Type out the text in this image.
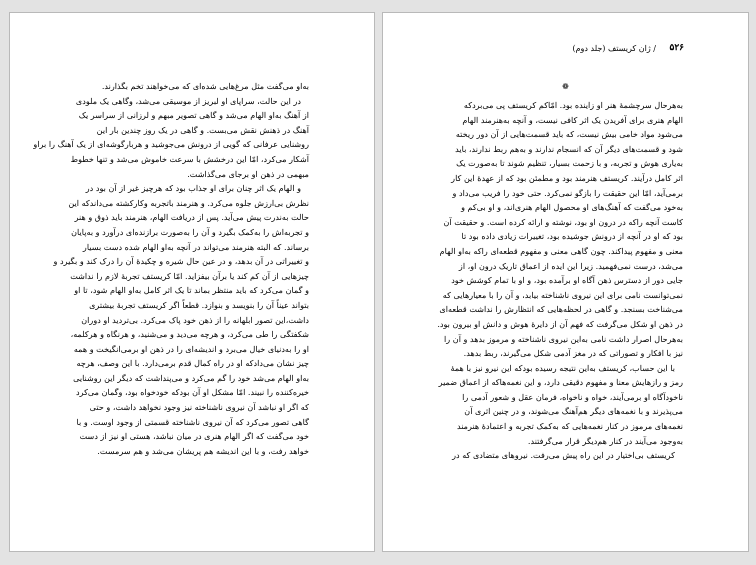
به‌او می‌گفت مثل مرغ‌هایی شده‌ای که می‌خواهند تخم بگذارند.
در این حالت، سراپای او لبریز از موسیقی می‌شد، وگاهی یک ملودی
از آهنگ به‌او الهام می‌شد و گاهی تصویر مبهم و لرزانی از سراسر یک
آهنگ در ذهنش نقش می‌بست. و گاهی در یک روز چندین بار این
روشنایی عرفانی که گویی از درونش می‌جوشید و هربارگوشه‌ای از یک آهنگ را براو
آشکار می‌کرد، امّا این درخشش با سرعت خاموش می‌شد و تنها خطوط
مبهمی در ذهن او برجای می‌گذاشت.
و الهام یک اثر چنان برای او جذاب بود که هرچیز غیر از آن بود در
نظرش بی‌ارزش جلوه می‌کرد. و هنرمند باتجربه وکارکشته می‌داندکه این
حالت به‌ندرت پیش می‌آید. پس از دریافت الهام، هنرمند باید ذوق و هنر
و تجربه‌اش را به‌کمک بگیرد و آن را به‌صورت برازنده‌ای درآورد و به‌پایان
برساند. که البته هنرمند می‌تواند در آنچه به‌او الهام شده دست بسیار
و تغییراتی در آن بدهد، و در عین حال شیره و چکیدهٔ آن را درک کند و بگیرد و
چیزهایی از آن کم کند یا برآن بیفزاید. امّا کریستف تجربهٔ لازم را نداشت
و گمان می‌کرد که باید منتظر بماند تا یک اثر کامل به‌او الهام شود، تا او
بتواند عیناً آن را بنویسد و بنوازد. قطعاً اگر کریستف تجربهٔ بیشتری
داشت،این تصور ابلهانه را از ذهن خود پاک می‌کرد. بی‌تردید او دوران
شکفتگی را طی می‌کرد، و هرچه می‌دید و می‌شنید، و هرنگاه و هرکلمه،
او را به‌دنیای خیال می‌برد و اندیشه‌ای را در ذهن او برمی‌انگیخت و همه
چیز نشان می‌دادکه او در راه کمال قدم برمی‌دارد. با این وصف، هرچه
به‌او الهام می‌شد خود را گم می‌کرد و می‌پنداشت که دیگر این روشنایی
خیره‌کننده را نبیند. امّا مشکل او آن بودکه خودخواه بود، وگمان می‌کرد
که اگر او نباشد آن نیروی ناشناخته نیز وجود نخواهد داشت، و حتی
گاهی تصور می‌کرد که آن نیروی ناشناخته قسمتی از وجود اوست. و با
خود می‌گفت که اگر الهام هنری در میان نباشد، هستی او نیز از دست
خواهد رفت، و با این اندیشه هم پریشان می‌شد و هم سرمست.
۵۲۶
/ ژان کریستف (جلد دوم)
❁
به‌هرحال سرچشمهٔ هنر او زاینده بود. امّاکم کریستف پی می‌بردکه
الهام هنری برای آفریدن یک اثر کافی نیست، و آنچه به‌هنرمند الهام
می‌شود مواد خامی بیش نیست، که باید قسمت‌هایی از آن دور ریخته
شود و قسمت‌های دیگر آن که انسجام ندارند و به‌هم ربط ندارند، باید
به‌یاری هوش و تجربه، و با زحمت بسیار، تنظیم شوند تا به‌صورت یک
اثر کامل درآیند. کریستف هنرمند بود و مطمئن بود که از عهدهٔ این کار
برمی‌آید، امّا این حقیقت را بازگو نمی‌کرد. حتی خود را فریب می‌داد و
به‌خود می‌گفت که آهنگ‌های او محصول الهام هنری‌اند، و او بی‌کم و
کاست آنچه راکه در درون او بود، نوشته و ارائه کرده است. و حقیقت آن
بود که او در آنچه از درونش جوشیده بود، تغییرات زیادی داده بود تا
معنی و مفهوم پیداکند. چون گاهی معنی و مفهوم قطعه‌ای راکه به‌او الهام
می‌شد، درست نمی‌فهمید. زیرا این ایده از اعماق تاریک درون او، از
جایی دور از دسترس ذهن آگاه او برآمده بود، و او با تمام کوشش خود
نمی‌توانست نامی برای این نیروی ناشناخته بیابد، و آن را با معیارهایی که
می‌شناخت بسنجد. و گاهی در لحظه‌هایی که انتظارش را نداشت قطعه‌ای
در ذهن او شکل می‌گرفت که فهم آن از دایرهٔ هوش و دانش او بیرون بود.
به‌هرحال اصرار داشت نامی به‌این نیروی ناشناخته و مرموز بدهد و آن را
نیز با افکار و تصوراتی که در مغز آدمی شکل می‌گیرند، ربط بدهد.
با این حساب، کریستف به‌این نتیجه رسیده بودکه این نیرو نیز با همهٔ
رمز و رازهایش معنا و مفهوم دقیقی دارد، و این نغمه‌هاکه از اعماق ضمیر
ناخودآگاه او برمی‌آیند، خواه و ناخواه، فرمان عقل و شعور آدمی را
می‌پذیرند و با نغمه‌های دیگر هم‌آهنگ می‌شوند، و در چنین اثری آن
نغمه‌های مرموز در کنار نغمه‌هایی که به‌کمک تجربه و اعتمادهٔ هنرمند
به‌وجود می‌آیند در کنار هم‌دیگر قرار می‌گرفتند.
کریستف بی‌اختیار در این راه پیش می‌رفت. نیروهای متضادی که در
